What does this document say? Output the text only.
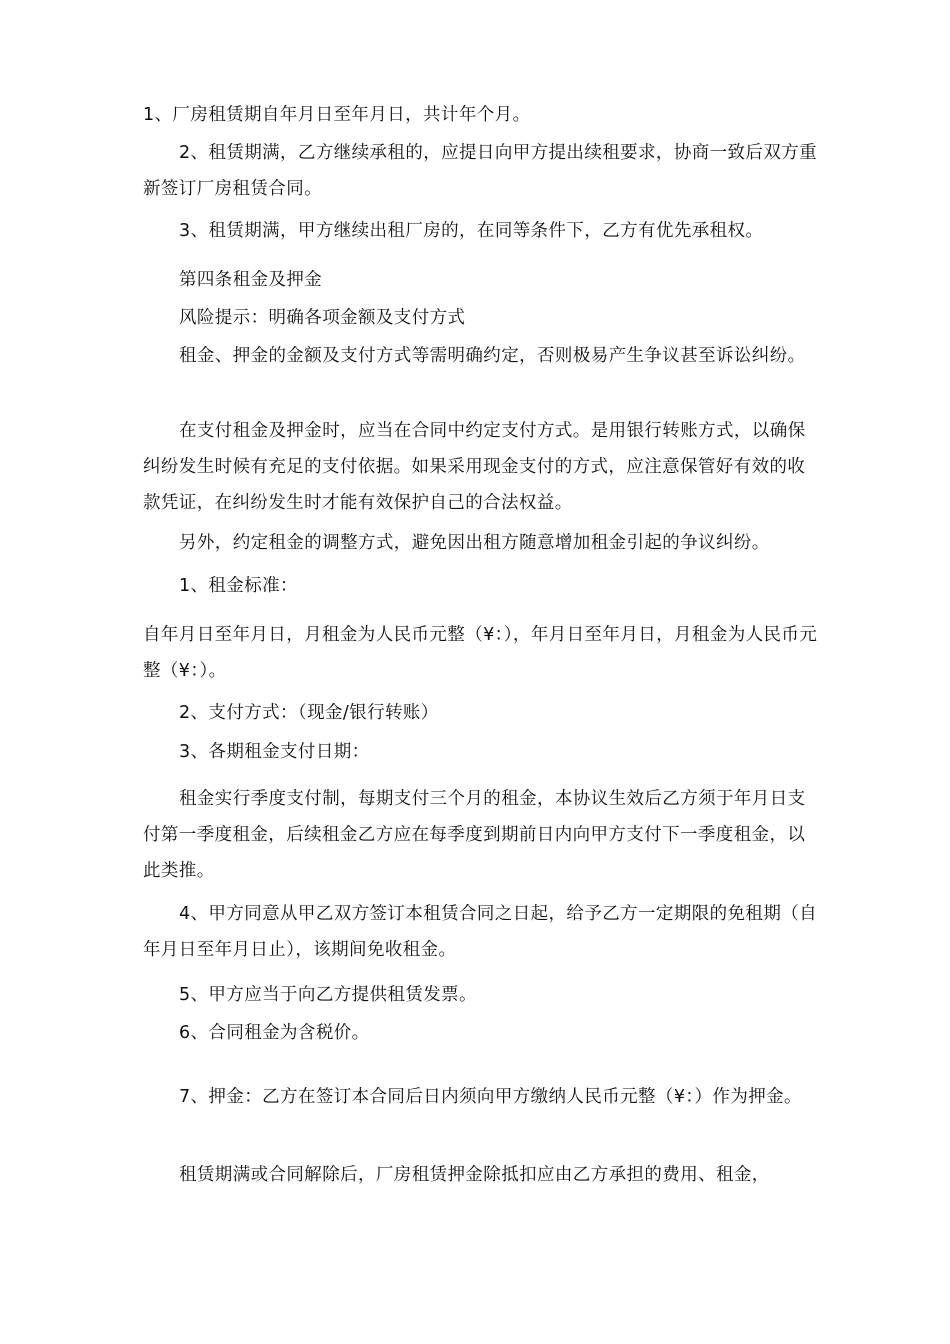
1、厂房租赁期自年月日至年月日，共计年个月。

2、租赁期满，乙方继续承租的，应提日向甲方提出续租要求，协商一致后双方重新签订厂房租赁合同。

3、租赁期满，甲方继续出租厂房的，在同等条件下，乙方有优先承租权。

第四条租金及押金

风险提示：明确各项金额及支付方式

租金、押金的金额及支付方式等需明确约定，否则极易产生争议甚至诉讼纠纷。

在支付租金及押金时，应当在合同中约定支付方式。是用银行转账方式，以确保纠纷发生时候有充足的支付依据。如果采用现金支付的方式，应注意保管好有效的收款凭证，在纠纷发生时才能有效保护自己的合法权益。

另外，约定租金的调整方式，避免因出租方随意增加租金引起的争议纠纷。

1、租金标准：

自年月日至年月日，月租金为人民币元整（¥：），年月日至年月日，月租金为人民币元整（¥：）。

2、支付方式：（现金/银行转账）

3、各期租金支付日期：

租金实行季度支付制，每期支付三个月的租金，本协议生效后乙方须于年月日支付第一季度租金，后续租金乙方应在每季度到期前日内向甲方支付下一季度租金，以此类推。

4、甲方同意从甲乙双方签订本租赁合同之日起，给予乙方一定期限的免租期（自年月日至年月日止），该期间免收租金。

5、甲方应当于向乙方提供租赁发票。

6、合同租金为含税价。

7、押金：乙方在签订本合同后日内须向甲方缴纳人民币元整（¥：）作为押金。

租赁期满或合同解除后，厂房租赁押金除抵扣应由乙方承担的费用、租金，
